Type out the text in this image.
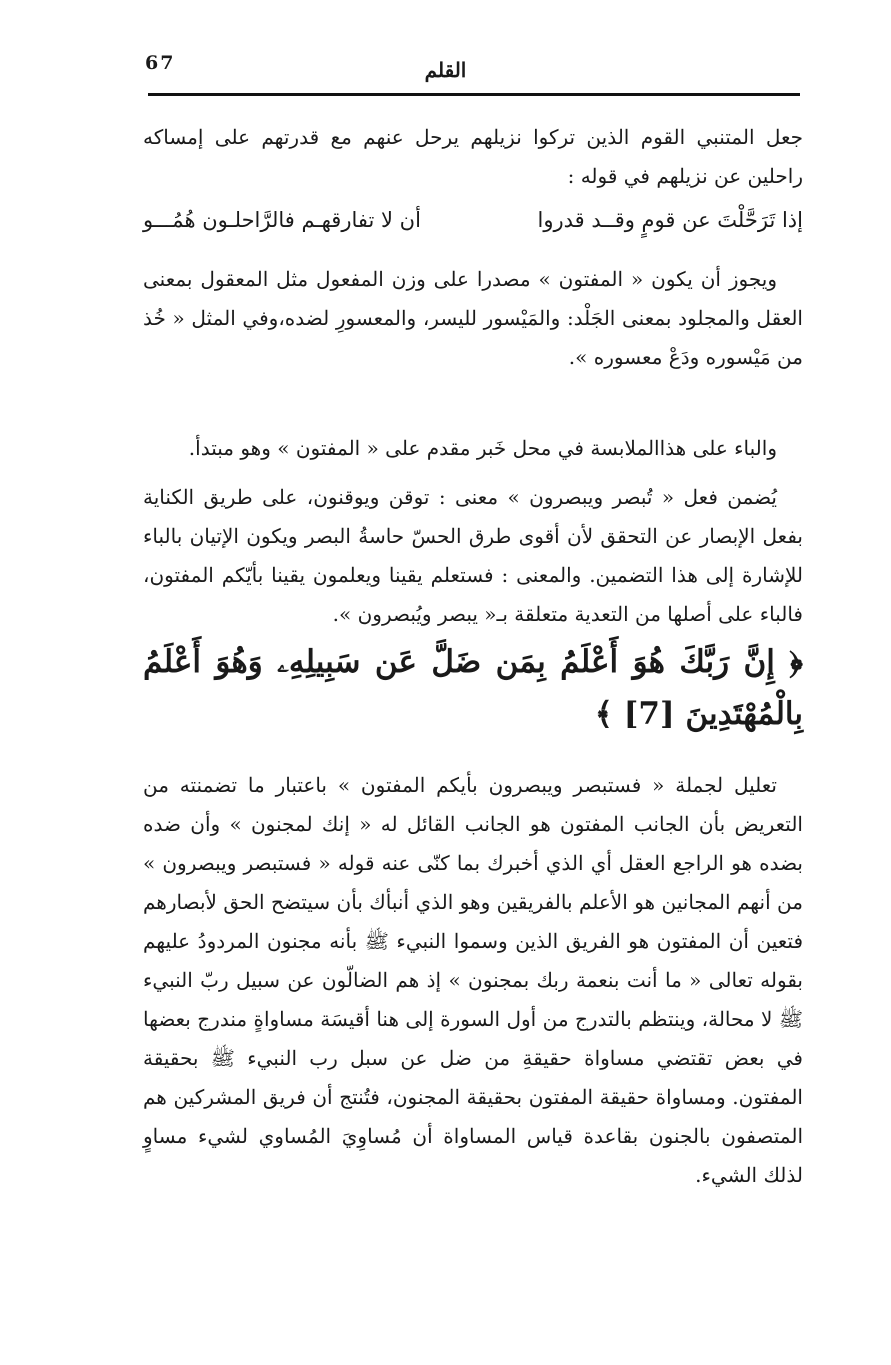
67	القلم

جعل المتنبي القوم الذين تركوا نزيلهم يرحل عنهم مع قدرتهم على إمساكه راحلين عن نزيلهم في قوله :

إذا تَرَحَّلْتَ عن قومٍ وقــد قدروا
أن لا تفارقهـم فالرَّاحلـون هُمُـــو

ويجوز أن يكون « المفتون » مصدرا على وزن المفعول مثل المعقول بمعنى العقل والمجلود بمعنى الجَلْد: والمَيْسور لليسر، والمعسورِ لضده،وفي المثل « خُذ من مَيْسوره ودَعْ معسوره ».

والباء على هذاالملابسة في محل خَبر مقدم على « المفتون » وهو مبتدأ.

يُضمن فعل « تُبصر ويبصرون » معنى : توقن ويوقنون، على طريق الكناية بفعل الإبصار عن التحقق لأن أقوى طرق الحسّ حاسةُ البصر ويكون الإتيان بالباء للإشارة إلى هذا التضمين. والمعنى : فستعلم يقينا ويعلمون يقينا بأيّكم المفتون، فالباء على أصلها من التعدية متعلقة بـ« يبصر ويُبصرون ».

﴿ إِنَّ رَبَّكَ هُوَ أَعْلَمُ بِمَن ضَلَّ عَن سَبِيلِهِۦ وَهُوَ أَعْلَمُ بِالْمُهْتَدِينَ [7] ﴾

تعليل لجملة « فستبصر ويبصرون بأيكم المفتون » باعتبار ما تضمنته من التعريض بأن الجانب المفتون هو الجانب القائل له « إنك لمجنون » وأن ضده بضده هو الراجع العقل أي الذي أخبرك بما كنّى عنه قوله « فستبصر ويبصرون » من أنهم المجانين هو الأعلم بالفريقين وهو الذي أنبأك بأن سيتضح الحق لأبصارهم فتعين أن المفتون هو الفريق الذين وسموا النبيء ﷺ بأنه مجنون المردودُ عليهم بقوله تعالى « ما أنت بنعمة ربك بمجنون » إذ هم الضالّون عن سبيل ربّ النبيء ﷺ لا محالة، وينتظم بالتدرج من أول السورة إلى هنا أقيسَة مساواةٍ مندرج بعضها في بعض تقتضي مساواة حقيقةِ من ضل عن سبل رب النبيء ﷺ بحقيقة المفتون. ومساواة حقيقة المفتون بحقيقة المجنون، فتُنتج أن فريق المشركين هم المتصفون بالجنون بقاعدة قياس المساواة أن مُساوِيَ المُساوي لشيء مساوٍ لذلك الشيء.
